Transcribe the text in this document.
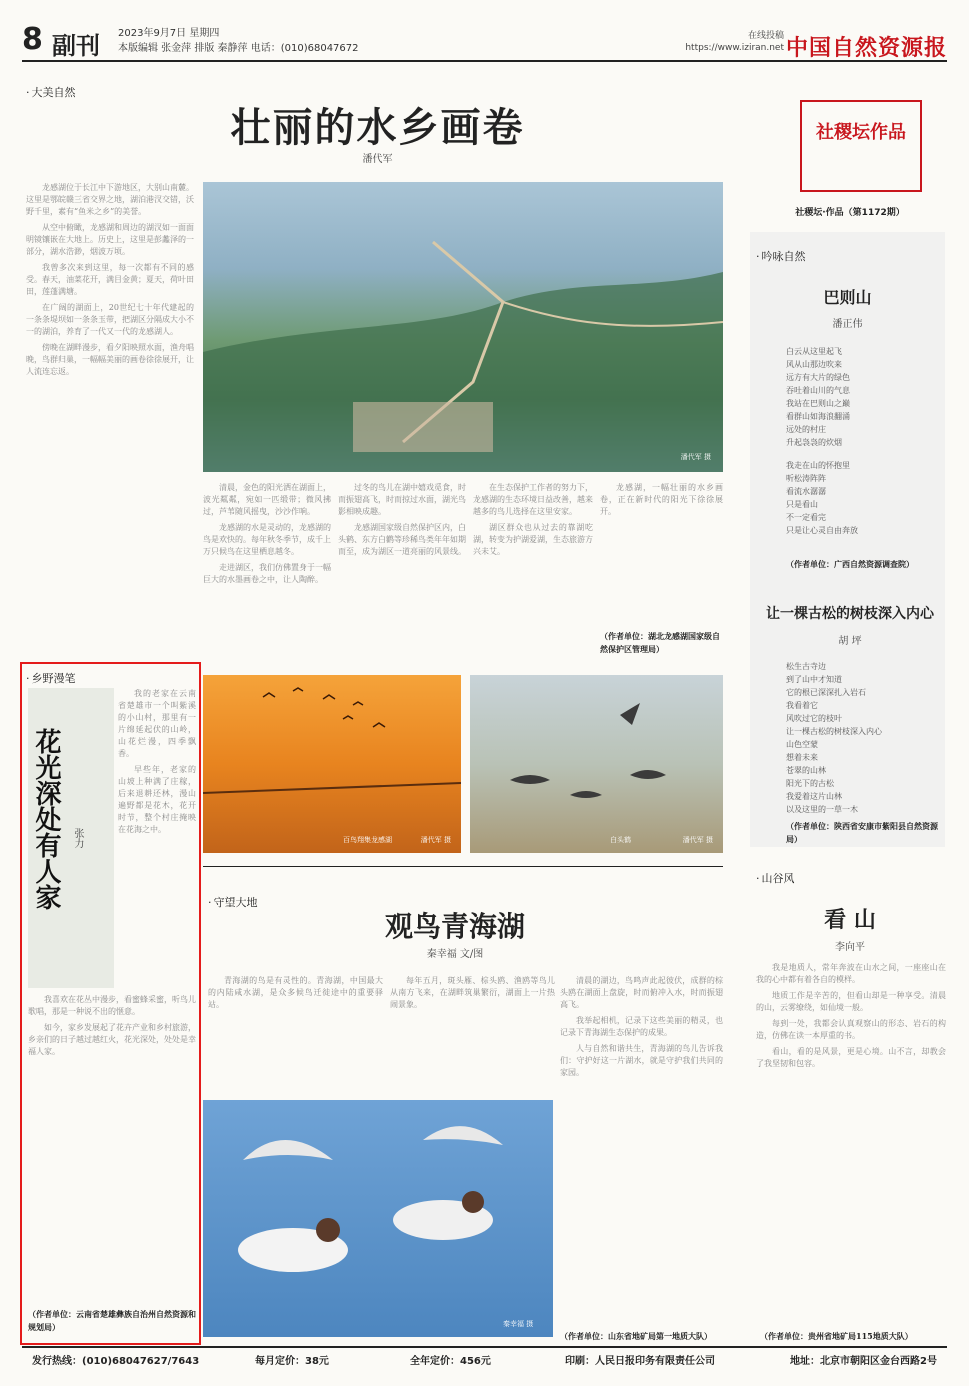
8 副刊 2023年9月7日 星期四
本版编辑 张金萍 排版 秦静萍 电话：(010)68047672
在线投稿
https://www.iziran.net 中国自然资源报
· 大美自然
壮丽的水乡画卷
潘代军

龙感湖位于长江中下游地区，大别山南麓。这里是鄂皖赣三省交界之地，湖泊港汊交错，沃野千里，素有“鱼米之乡”的美誉。

从空中俯瞰，龙感湖和周边的湖汊如一面面明镜镶嵌在大地上。历史上，这里是彭蠡泽的一部分，湖水浩渺，烟波万顷。

我曾多次来到这里，每一次都有不同的感受。春天，油菜花开，满目金黄；夏天，荷叶田田，莲蓬满塘。

在广阔的湖面上，20世纪七十年代建起的一条条堤坝如一条条玉带，把湖区分隔成大小不一的湖泊，养育了一代又一代的龙感湖人。

傍晚在湖畔漫步，看夕阳映照水面，渔舟唱晚，鸟群归巢，一幅幅美丽的画卷徐徐展开，让人流连忘返。

潘代军 摄

清晨，金色的阳光洒在湖面上，波光粼粼，宛如一匹缎带；微风拂过，芦苇随风摇曳，沙沙作响。

龙感湖的水是灵动的，龙感湖的鸟是欢快的。每年秋冬季节，成千上万只候鸟在这里栖息越冬。

走进湖区，我们仿佛置身于一幅巨大的水墨画卷之中，让人陶醉。

过冬的鸟儿在湖中嬉戏觅食，时而振翅高飞，时而掠过水面，湖光鸟影相映成趣。

龙感湖国家级自然保护区内，白头鹤、东方白鹳等珍稀鸟类年年如期而至，成为湖区一道亮丽的风景线。

在生态保护工作者的努力下，龙感湖的生态环境日益改善，越来越多的鸟儿选择在这里安家。

湖区群众也从过去的靠湖吃湖，转变为护湖爱湖，生态旅游方兴未艾。

龙感湖，一幅壮丽的水乡画卷，正在新时代的阳光下徐徐展开。

（作者单位：湖北龙感湖国家级自然保护区管理局）
· 乡野漫笔
花光深处有人家 张力

我的老家在云南省楚雄市一个叫紫溪的小山村，那里有一片绵延起伏的山岭，山花烂漫，四季飘香。

早些年，老家的山坡上种满了庄稼，后来退耕还林，漫山遍野都是花木，花开时节，整个村庄掩映在花海之中。

我喜欢在花丛中漫步，看蜜蜂采蜜，听鸟儿歌唱，那是一种说不出的惬意。

如今，家乡发展起了花卉产业和乡村旅游，乡亲们的日子越过越红火，花光深处，处处是幸福人家。

（作者单位：云南省楚雄彝族自治州自然资源和规划局）
百鸟翔集龙感湖	潘代军 摄	白头鹤	潘代军 摄
· 守望大地
观鸟青海湖
秦幸福 文/图

青海湖的鸟是有灵性的。青海湖，中国最大的内陆咸水湖，是众多候鸟迁徙途中的重要驿站。

每年五月，斑头雁、棕头鸥、渔鸥等鸟儿从南方飞来，在湖畔筑巢繁衍，湖面上一片热闹景象。

清晨的湖边，鸟鸣声此起彼伏，成群的棕头鸥在湖面上盘旋，时而俯冲入水，时而振翅高飞。

我举起相机，记录下这些美丽的精灵，也记录下青海湖生态保护的成果。

人与自然和谐共生，青海湖的鸟儿告诉我们：守护好这一片湖水，就是守护我们共同的家园。

（作者单位：山东省地矿局第一地质大队）
秦幸福 摄
社稷坛作品
社稷坛·作品（第1172期）
· 吟咏自然
巴则山
潘正伟
白云从这里起飞
风从山那边吹来
远方有大片的绿色
吞吐着山川的气息
我站在巴则山之巅
看群山如海浪翻涌
远处的村庄
升起袅袅的炊烟
我走在山的怀抱里
听松涛阵阵
看流水潺潺
只是看山
不一定看完
只是让心灵自由奔放
（作者单位：广西自然资源调查院）
让一棵古松的树枝深入内心
胡 坪
松生古寺边
到了山中才知道
它的根已深深扎入岩石
我看着它
风吹过它的枝叶
让一棵古松的树枝深入内心
山色空蒙
想着未来
苍翠的山林
阳光下的古松
我爱着这片山林
以及这里的一草一木
（作者单位：陕西省安康市紫阳县自然资源局）
· 山谷风
看 山
李向平

我是地质人，常年奔波在山水之间，一座座山在我的心中都有着各自的模样。

地质工作是辛苦的，但看山却是一种享受。清晨的山，云雾缭绕，如仙境一般。

每到一处，我都会认真观察山的形态、岩石的构造，仿佛在读一本厚重的书。

看山，看的是风景，更是心境。山不言，却教会了我坚韧和包容。

（作者单位：贵州省地矿局115地质大队）
发行热线：(010)68047627/7643	每月定价：38元	全年定价：456元	印刷：人民日报印务有限责任公司	地址：北京市朝阳区金台西路2号
